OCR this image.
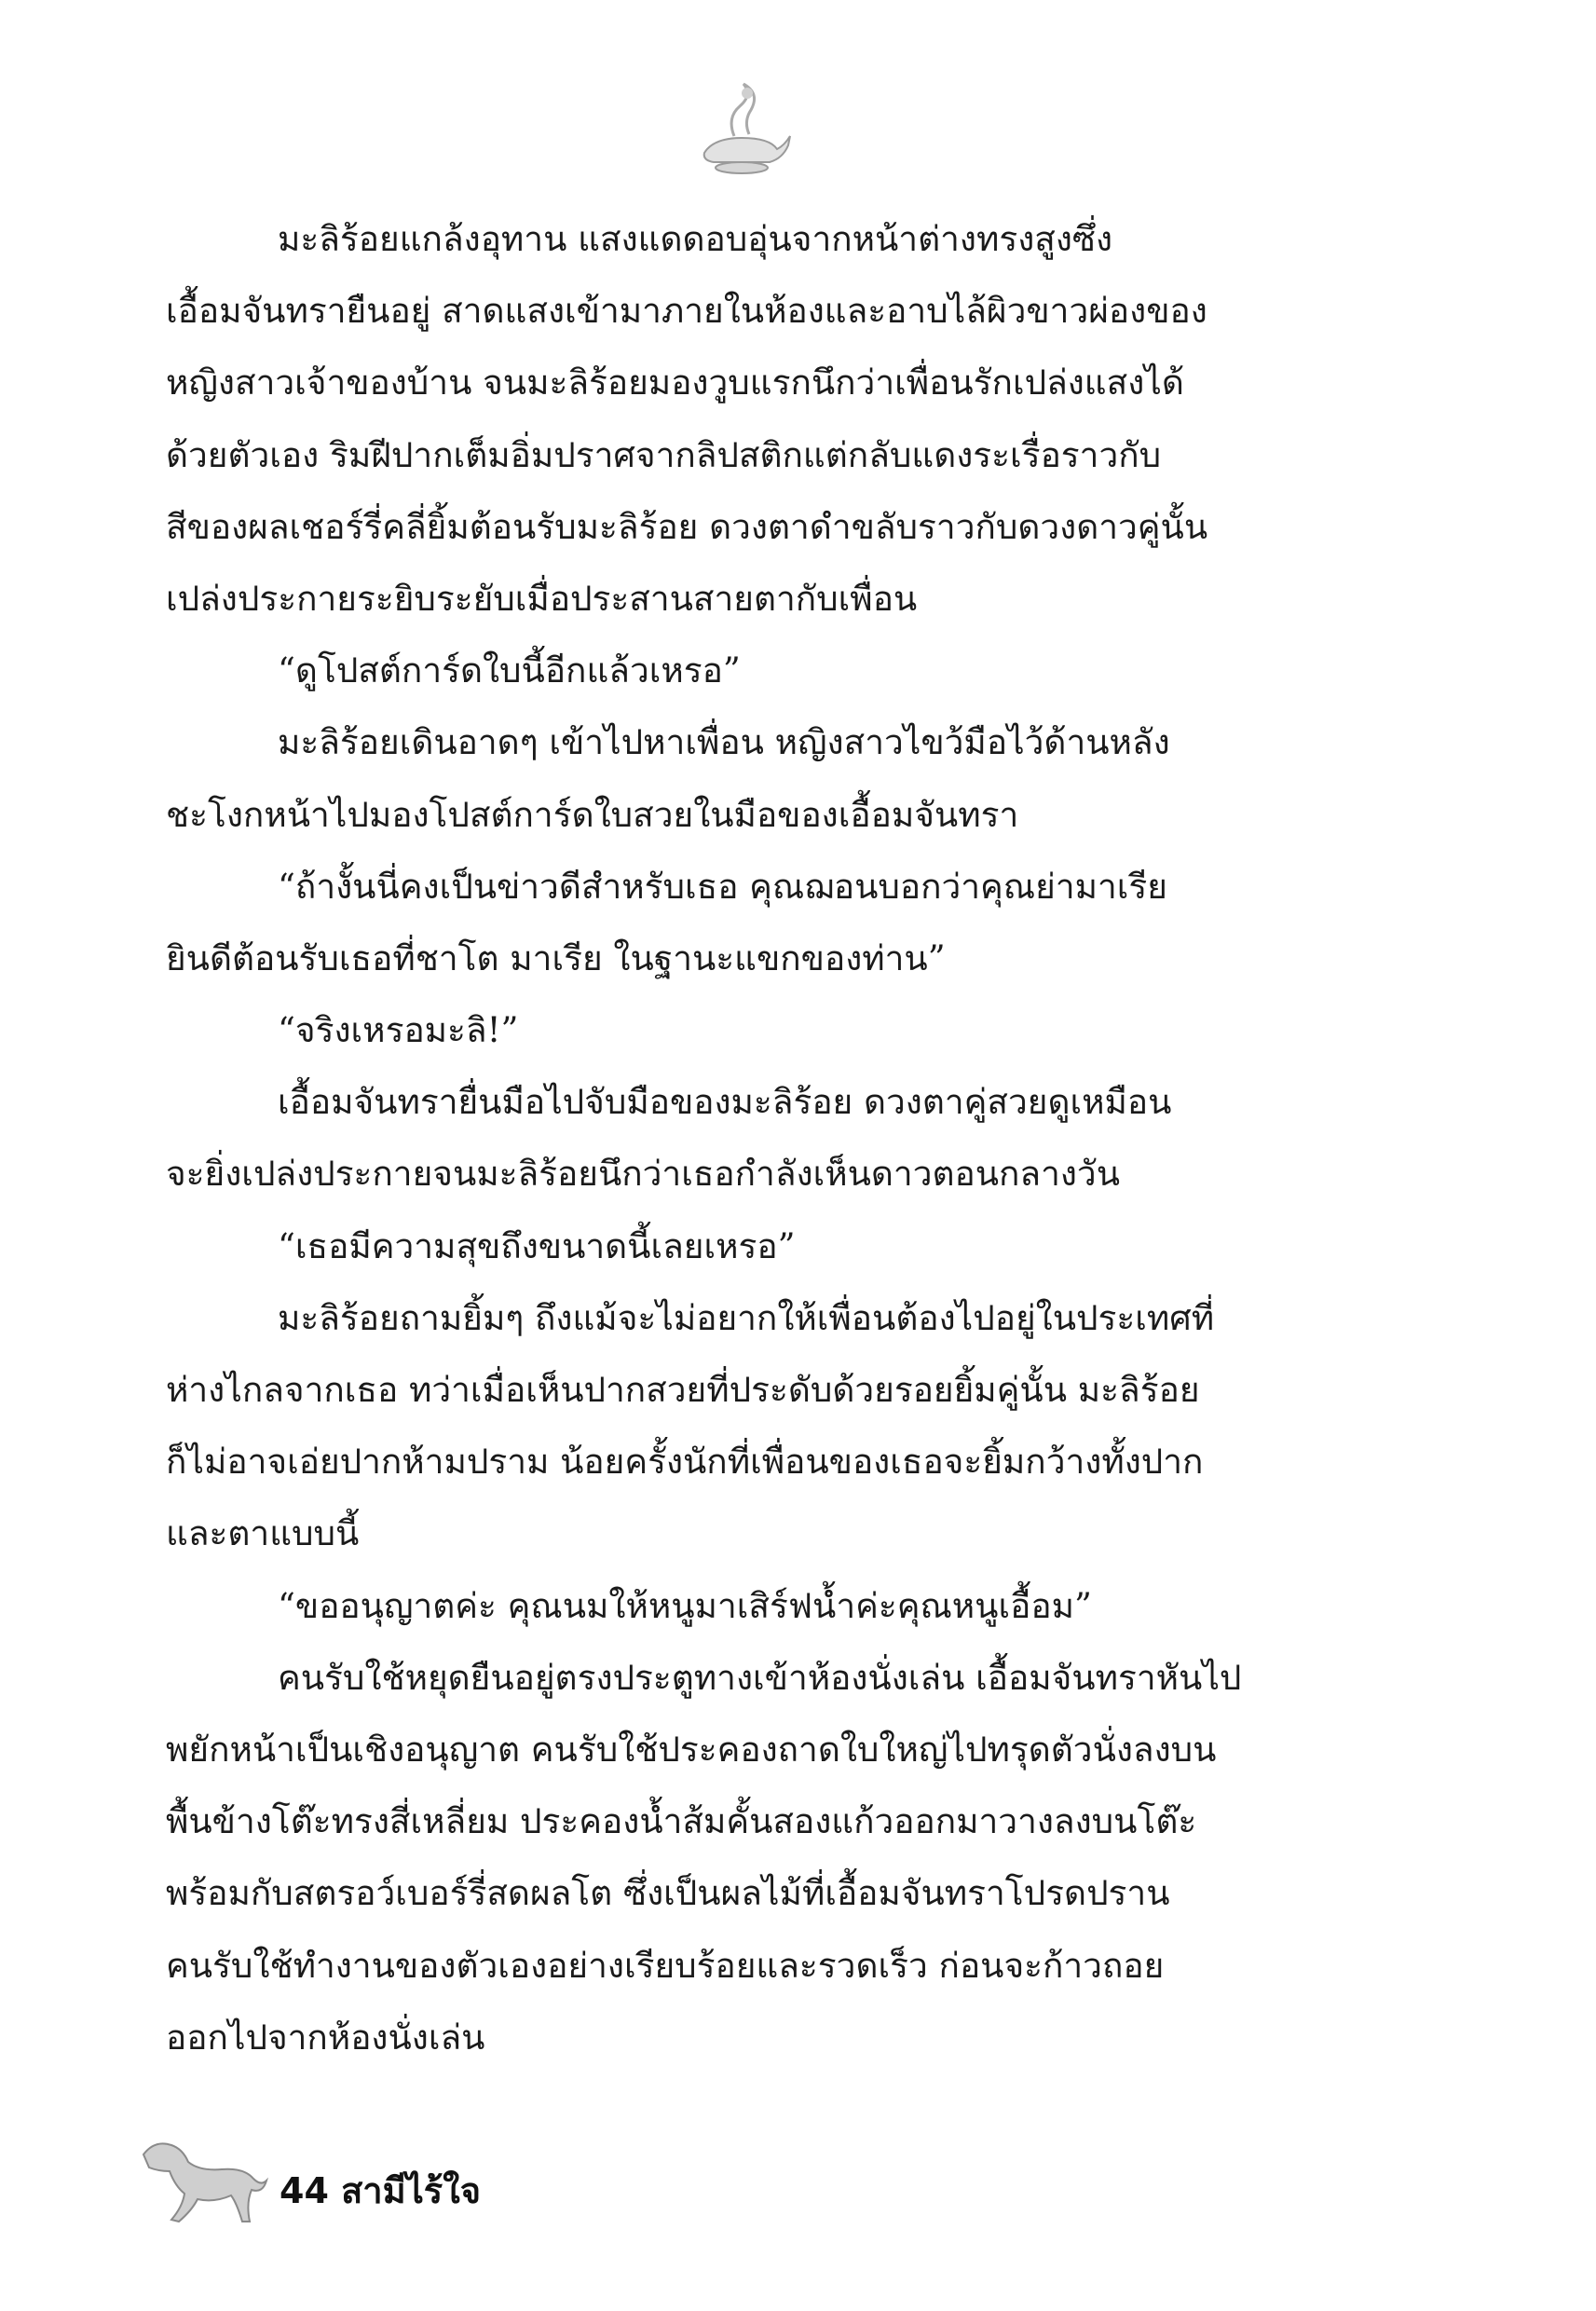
มะลิร้อยแกล้งอุทาน แสงแดดอบอุ่นจากหน้าต่างทรงสูงซึ่ง
เอื้อมจันทรายืนอยู่ สาดแสงเข้ามาภายในห้องและอาบไล้ผิวขาวผ่องของ
หญิงสาวเจ้าของบ้าน จนมะลิร้อยมองวูบแรกนึกว่าเพื่อนรักเปล่งแสงได้
ด้วยตัวเอง ริมฝีปากเต็มอิ่มปราศจากลิปสติกแต่กลับแดงระเรื่อราวกับ
สีของผลเชอร์รี่คลี่ยิ้มต้อนรับมะลิร้อย ดวงตาดำขลับราวกับดวงดาวคู่นั้น
เปล่งประกายระยิบระยับเมื่อประสานสายตากับเพื่อน
“ดูโปสต์การ์ดใบนี้อีกแล้วเหรอ”
มะลิร้อยเดินอาดๆ เข้าไปหาเพื่อน หญิงสาวไขว้มือไว้ด้านหลัง
ชะโงกหน้าไปมองโปสต์การ์ดใบสวยในมือของเอื้อมจันทรา
“ถ้างั้นนี่คงเป็นข่าวดีสำหรับเธอ คุณฌอนบอกว่าคุณย่ามาเรีย
ยินดีต้อนรับเธอที่ชาโต มาเรีย ในฐานะแขกของท่าน”
“จริงเหรอมะลิ!”
เอื้อมจันทรายื่นมือไปจับมือของมะลิร้อย ดวงตาคู่สวยดูเหมือน
จะยิ่งเปล่งประกายจนมะลิร้อยนึกว่าเธอกำลังเห็นดาวตอนกลางวัน
“เธอมีความสุขถึงขนาดนี้เลยเหรอ”
มะลิร้อยถามยิ้มๆ ถึงแม้จะไม่อยากให้เพื่อนต้องไปอยู่ในประเทศที่
ห่างไกลจากเธอ ทว่าเมื่อเห็นปากสวยที่ประดับด้วยรอยยิ้มคู่นั้น มะลิร้อย
ก็ไม่อาจเอ่ยปากห้ามปราม น้อยครั้งนักที่เพื่อนของเธอจะยิ้มกว้างทั้งปาก
และตาแบบนี้
“ขออนุญาตค่ะ คุณนมให้หนูมาเสิร์ฟน้ำค่ะคุณหนูเอื้อม”
คนรับใช้หยุดยืนอยู่ตรงประตูทางเข้าห้องนั่งเล่น เอื้อมจันทราหันไป
พยักหน้าเป็นเชิงอนุญาต คนรับใช้ประคองถาดใบใหญ่ไปทรุดตัวนั่งลงบน
พื้นข้างโต๊ะทรงสี่เหลี่ยม ประคองน้ำส้มคั้นสองแก้วออกมาวางลงบนโต๊ะ
พร้อมกับสตรอว์เบอร์รี่สดผลโต ซึ่งเป็นผลไม้ที่เอื้อมจันทราโปรดปราน
คนรับใช้ทำงานของตัวเองอย่างเรียบร้อยและรวดเร็ว ก่อนจะก้าวถอย
ออกไปจากห้องนั่งเล่น
44 สามีไร้ใจ
